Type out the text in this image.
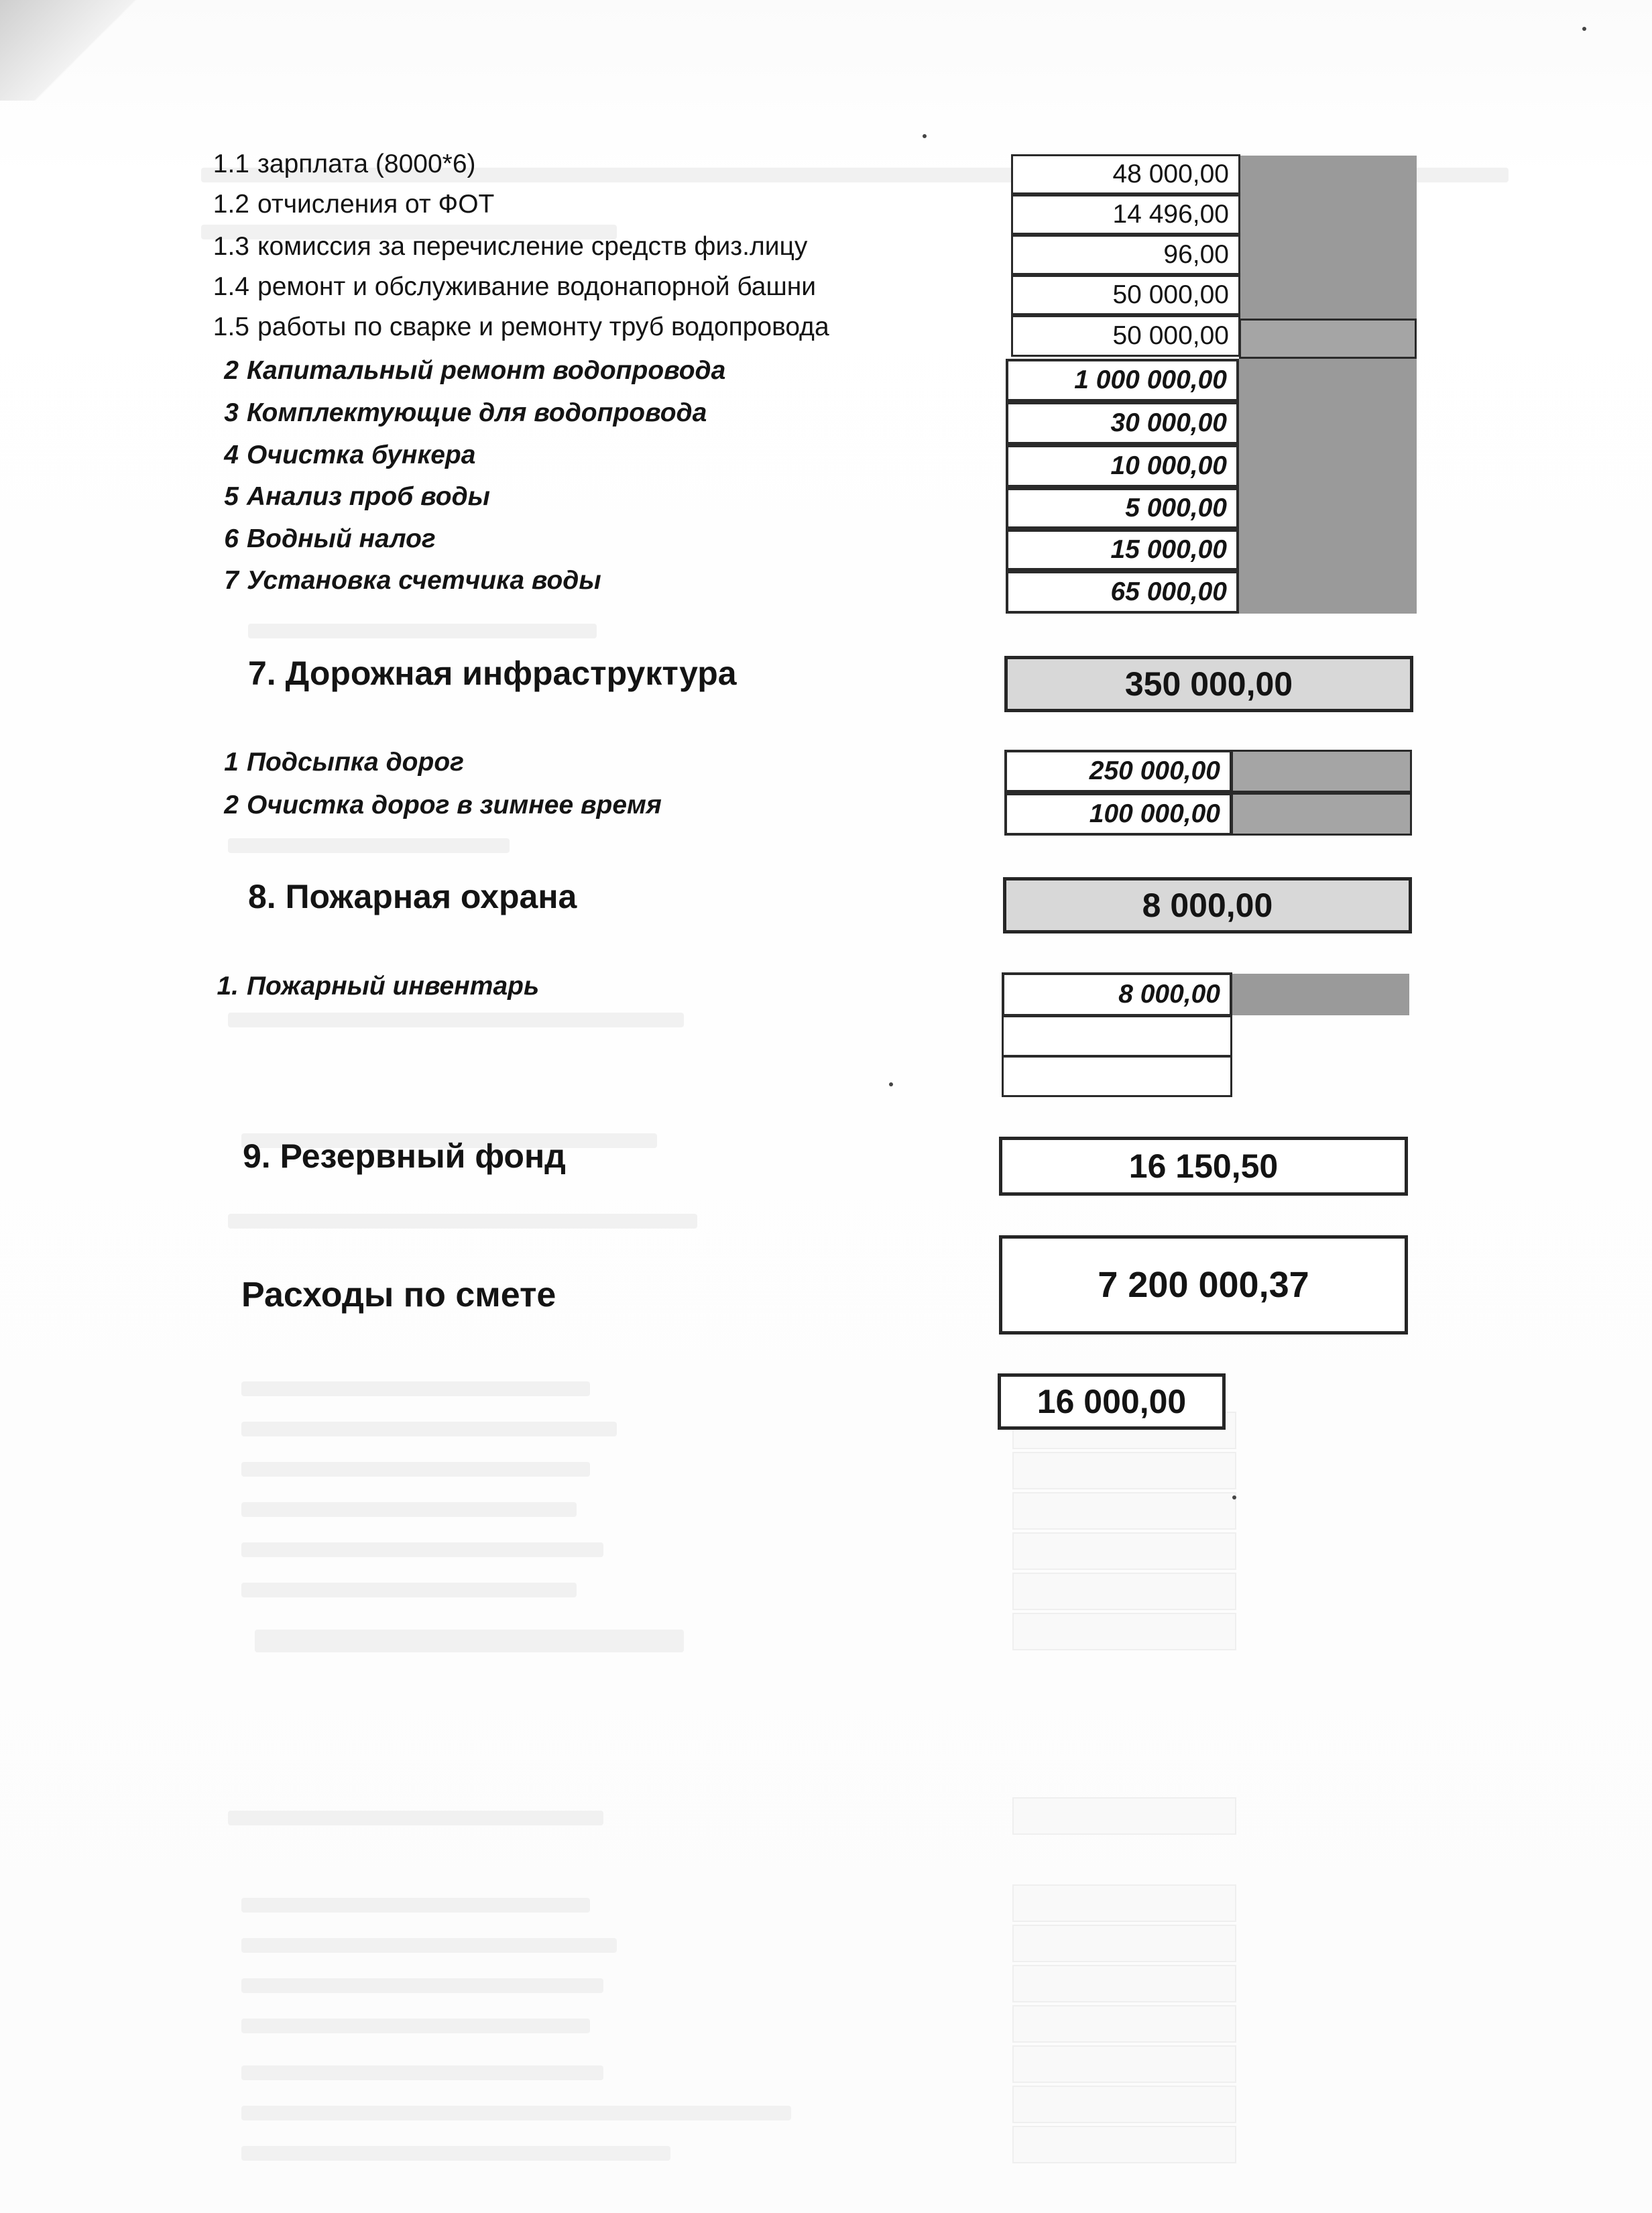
1.1 зарплата (8000*6)	48 000,00
1.2 отчисления от ФОТ	14 496,00
1.3 комиссия за перечисление средств физ.лицу	96,00
1.4 ремонт и обслуживание водонапорной башни	50 000,00
1.5 работы по сварке и ремонту труб водопровода	50 000,00
2 Капитальный ремонт водопровода	1 000 000,00
3 Комплектующие для водопровода	30 000,00
4 Очистка бункера	10 000,00
5 Анализ проб воды	5 000,00
6 Водный налог	15 000,00
7 Установка счетчика воды	65 000,00
7. Дорожная инфраструктура	350 000,00
1 Подсыпка дорог	250 000,00
2 Очистка дорог в зимнее время	100 000,00
8. Пожарная охрана	8 000,00
1. Пожарный инвентарь	8 000,00
9. Резервный фонд	16 150,50
Расходы по смете	7 200 000,37
16 000,00
